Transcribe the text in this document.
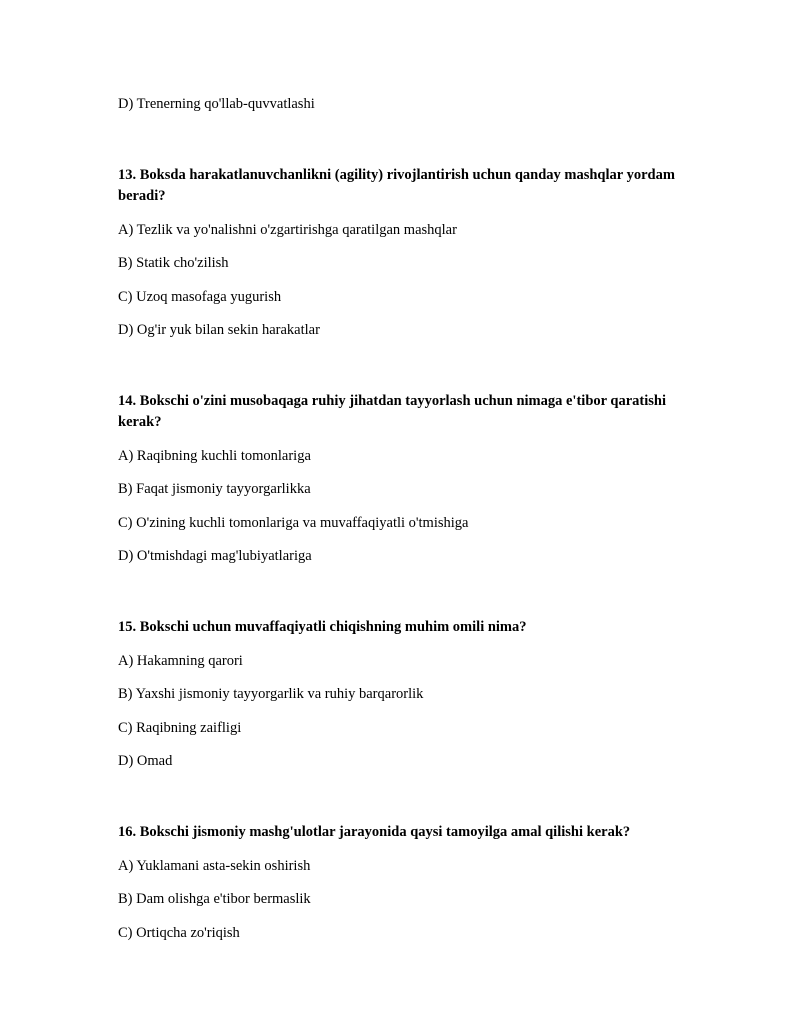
D) Trenerning qo'llab-quvvatlashi
13. Boksda harakatlanuvchanlikni (agility) rivojlantirish uchun qanday mashqlar yordam beradi?
A) Tezlik va yo'nalishni o'zgartirishga qaratilgan mashqlar
B) Statik cho'zilish
C) Uzoq masofaga yugurish
D) Og'ir yuk bilan sekin harakatlar
14. Bokschi o'zini musobaqaga ruhiy jihatdan tayyorlash uchun nimaga e'tibor qaratishi kerak?
A) Raqibning kuchli tomonlariga
B) Faqat jismoniy tayyorgarlikka
C) O'zining kuchli tomonlariga va muvaffaqiyatli o'tmishiga
D) O'tmishdagi mag'lubiyatlariga
15. Bokschi uchun muvaffaqiyatli chiqishning muhim omili nima?
A) Hakamning qarori
B) Yaxshi jismoniy tayyorgarlik va ruhiy barqarorlik
C) Raqibning zaifligi
D) Omad
16. Bokschi jismoniy mashg'ulotlar jarayonida qaysi tamoyilga amal qilishi kerak?
A) Yuklamani asta-sekin oshirish
B) Dam olishga e'tibor bermaslik
C) Ortiqcha zo'riqish
